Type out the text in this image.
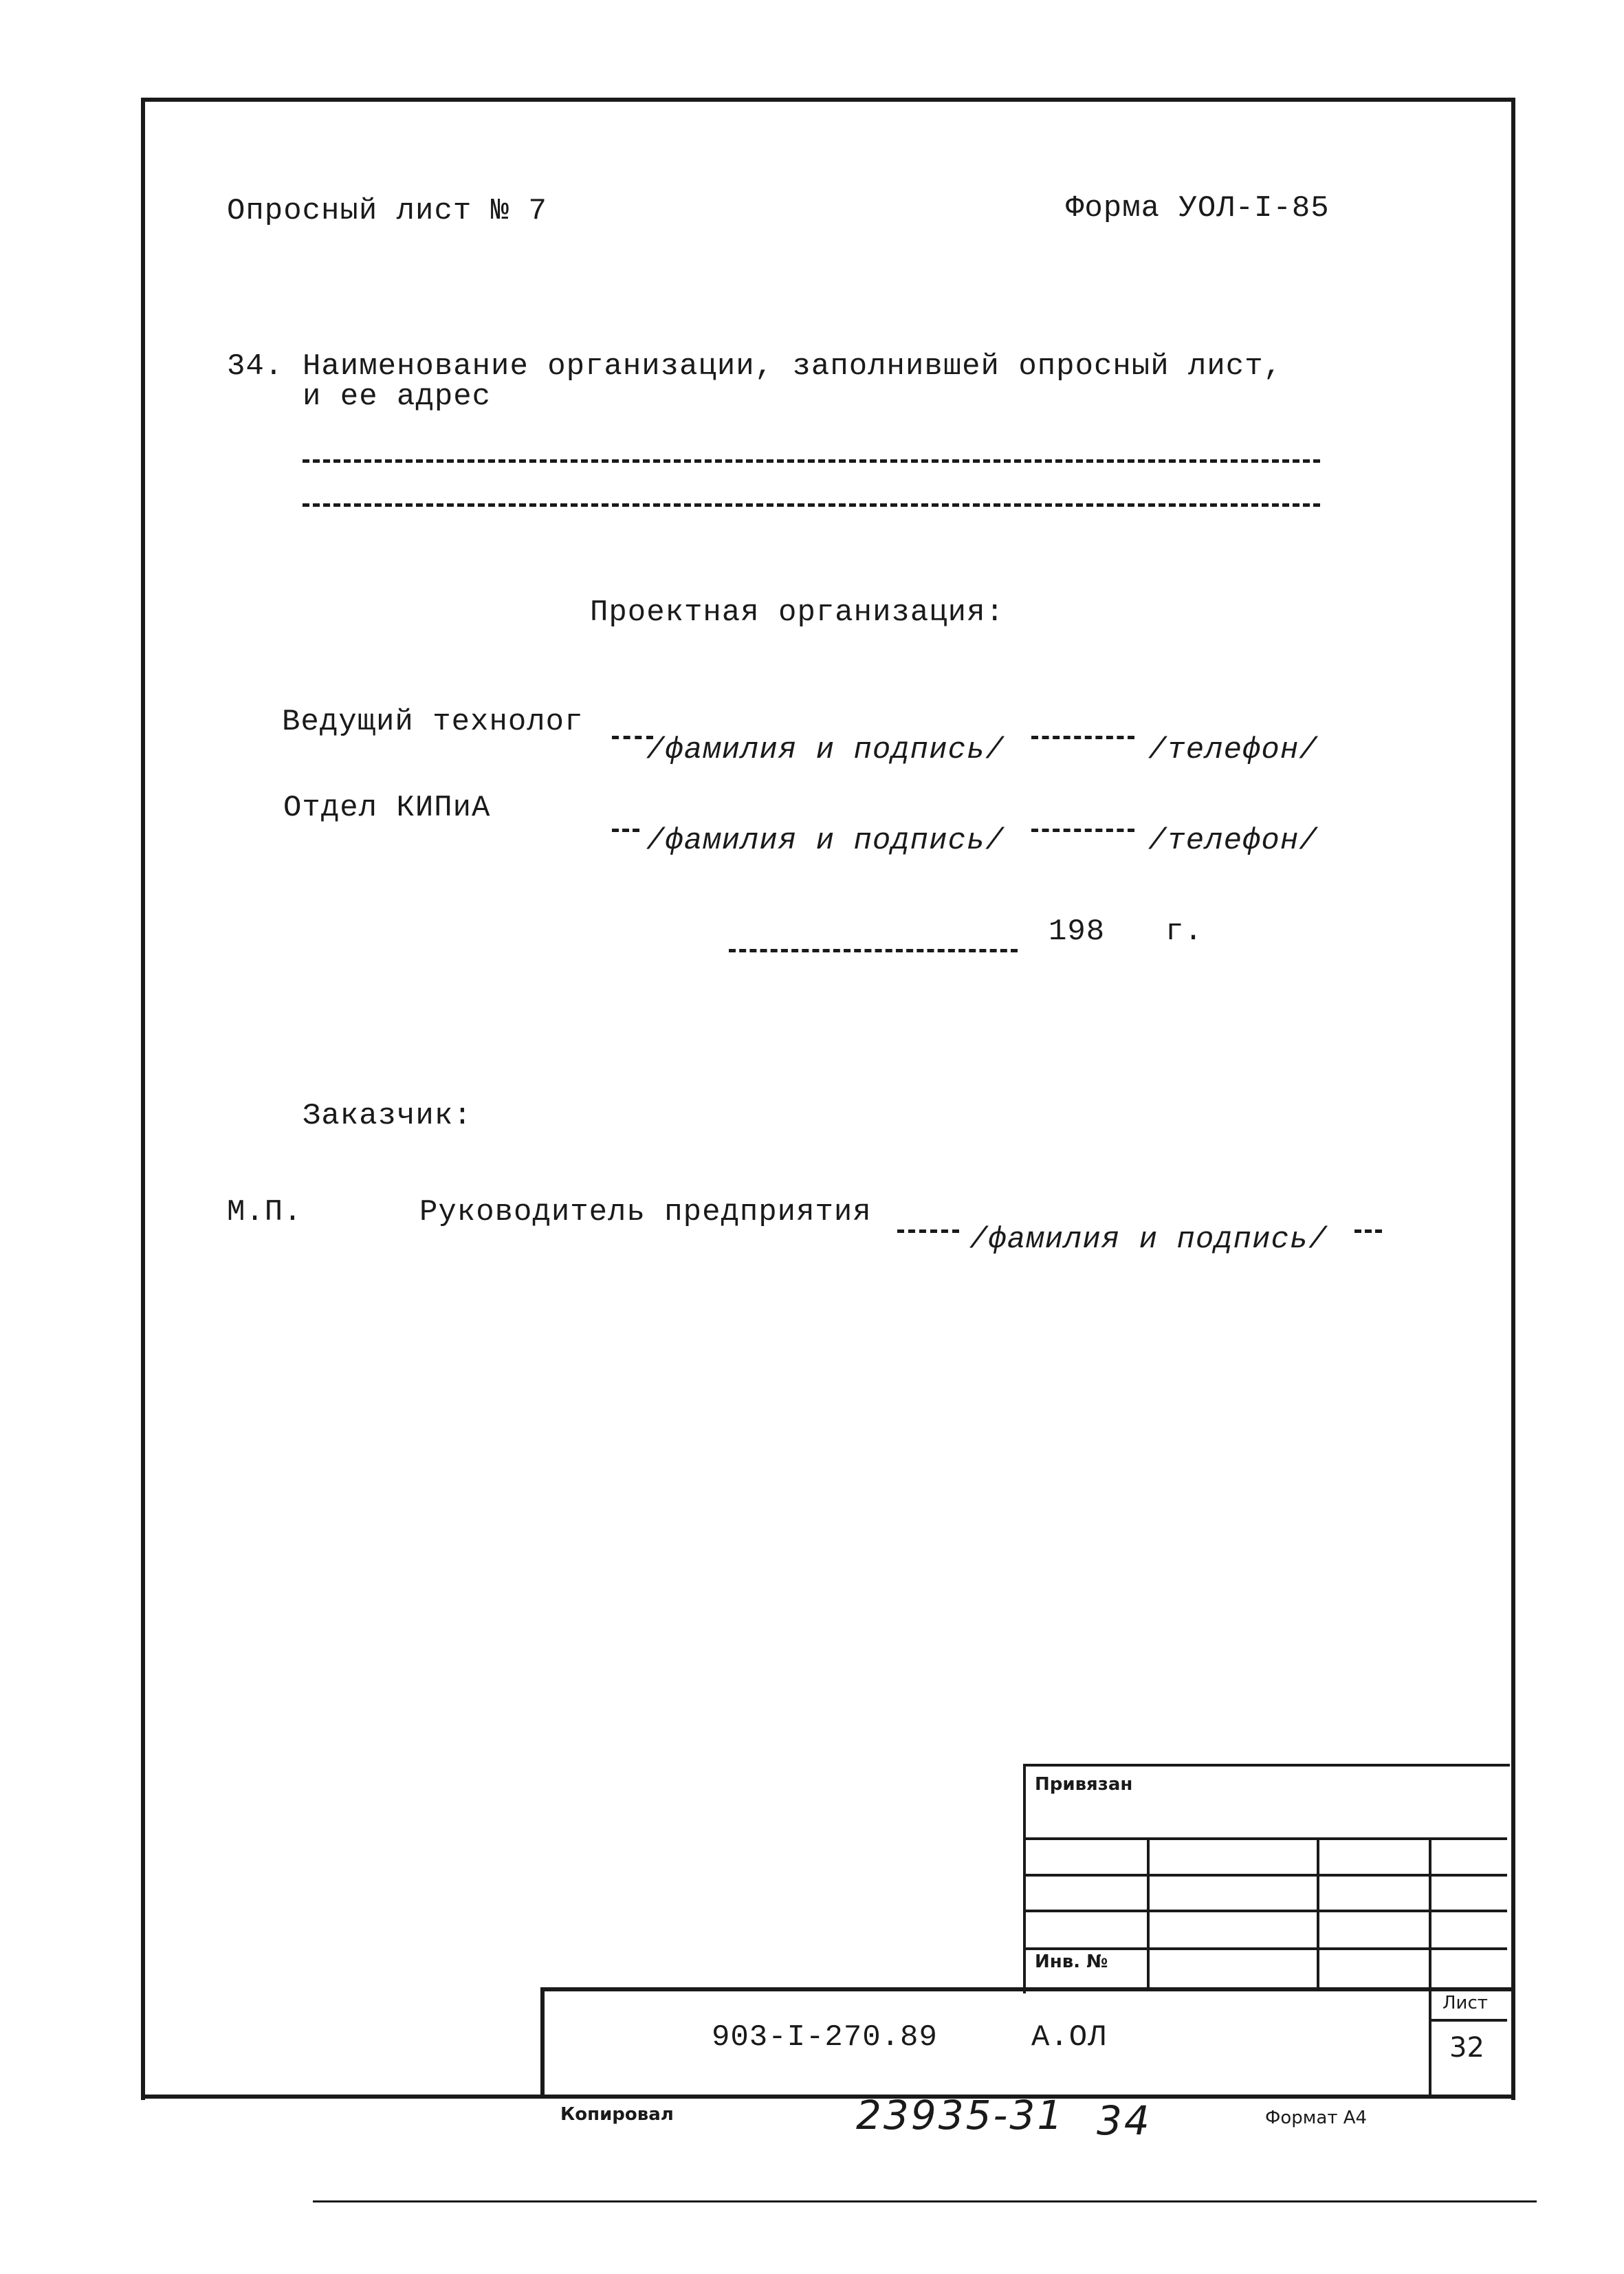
Опросный лист № 7	Форма УОЛ-I-85
34. Наименование организации, заполнившей опросный лист,
и ее адрес
Проектная организация:
Ведущий технолог
/фамилия и подпись/	/телефон/
Отдел КИПиА
/фамилия и подпись/	/телефон/
198 г.
Заказчик:
М.П.	Руководитель предприятия
/фамилия и подпись/
Привязан
Инв. №
903-I-270.89	А.ОЛ
Лист
32
Копировал	23935-31 34	Формат А4
